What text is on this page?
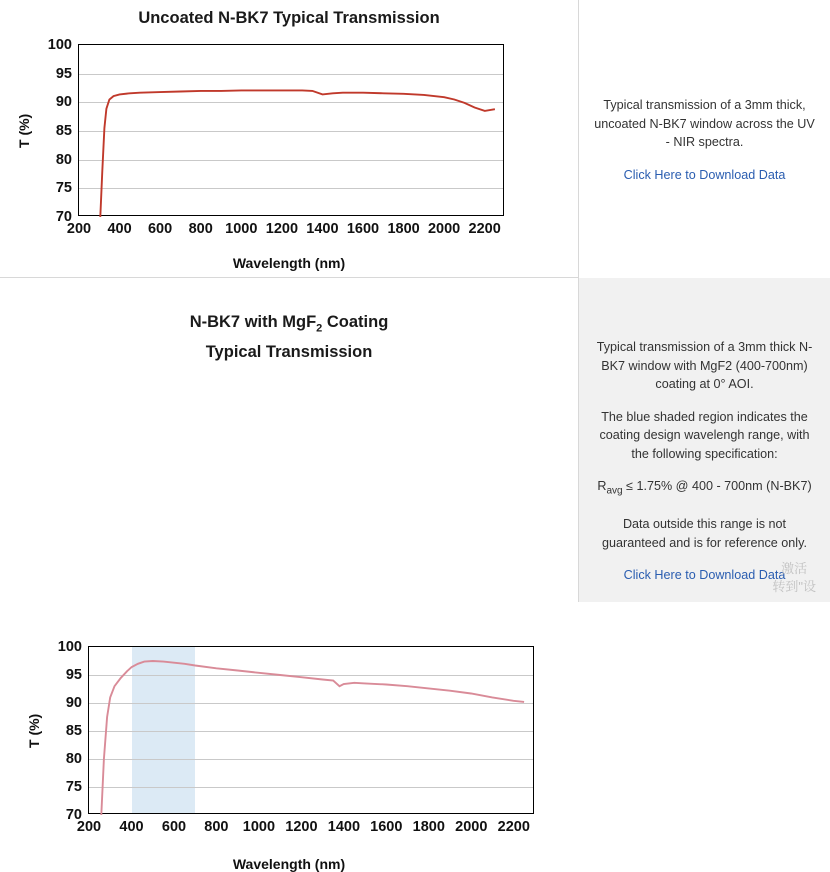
Uncoated N-BK7 Typical Transmission
T (%)
Wavelength (nm)
100
95
90
85
80
75
70
200 400 600 800 1000 1200 1400 1600 1800 2000 2200

Typical transmission of a 3mm thick, uncoated N-BK7 window across the UV - NIR spectra.

Click Here to Download Data
N-BK7 with MgF$_2$ Coating
Typical Transmission
T (%)
Wavelength (nm)
100
95
90
85
80
75
70
200 400 600 800 1000 1200 1400 1600 1800 2000 2200

Typical transmission of a 3mm thick N-BK7 window with MgF2 (400-700nm) coating at 0° AOI.

The blue shaded region indicates the coating design wavelengh range, with the following specification:

$R_{avg} \le 1.75\%$ @ 400 - 700nm (N-BK7)

Data outside this range is not guaranteed and is for reference only.

Click Here to Download Data
激活
转到"设
